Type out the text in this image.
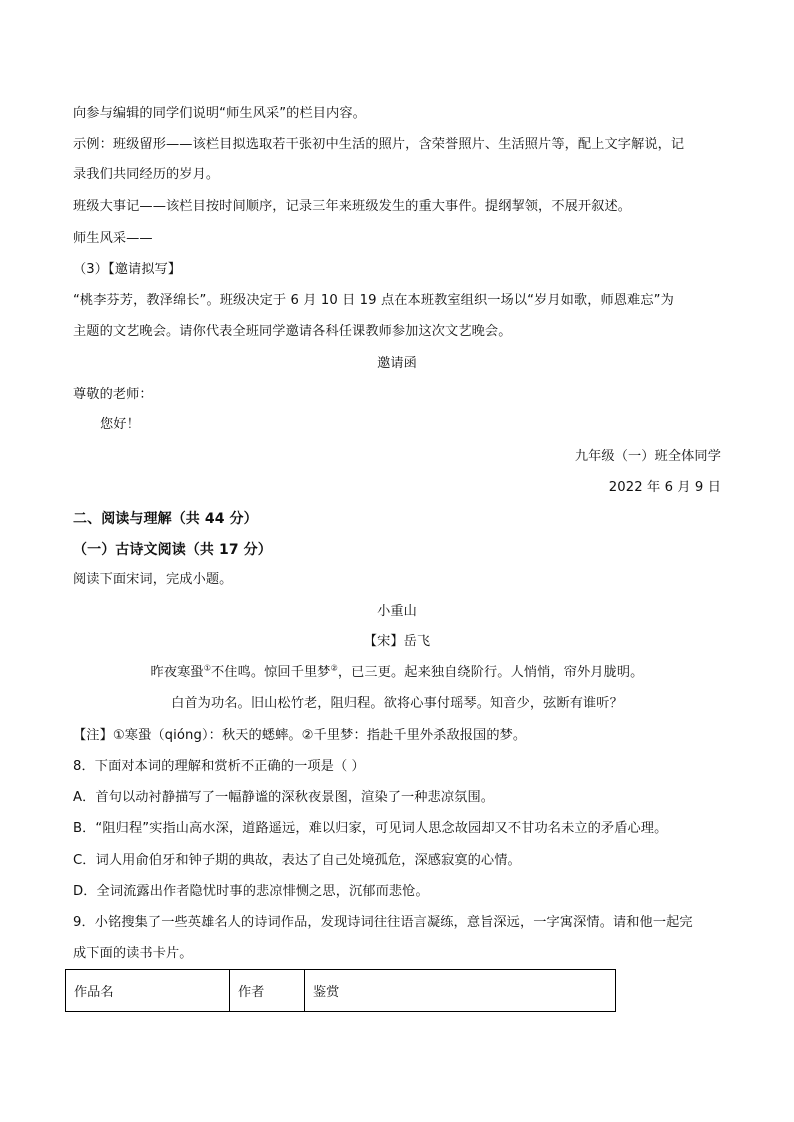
向参与编辑的同学们说明“师生风采”的栏目内容。
示例：班级留形——该栏目拟选取若干张初中生活的照片，含荣誉照片、生活照片等，配上文字解说，记
录我们共同经历的岁月。
班级大事记——该栏目按时间顺序，记录三年来班级发生的重大事件。提纲挈领，不展开叙述。
师生风采——
（3）【邀请拟写】
“桃李芬芳，教泽绵长”。班级决定于 6 月 10 日 19 点在本班教室组织一场以“岁月如歌，师恩难忘”为
主题的文艺晚会。请你代表全班同学邀请各科任课教师参加这次文艺晚会。
邀请函
尊敬的老师：
您好！
九年级（一）班全体同学
2022 年 6 月 9 日
二、阅读与理解（共 44 分）
（一）古诗文阅读（共 17 分）
阅读下面宋词，完成小题。
小重山
【宋】岳飞
昨夜寒蛩①不住鸣。惊回千里梦②，已三更。起来独自绕阶行。人悄悄，帘外月胧明。
白首为功名。旧山松竹老，阻归程。欲将心事付瑶琴。知音少，弦断有谁听？
【注】①寒蛩（qióng）：秋天的蟋蟀。②千里梦：指赴千里外杀敌报国的梦。
8．下面对本词的理解和赏析不正确的一项是（ ）
A．首句以动衬静描写了一幅静谧的深秋夜景图，渲染了一种悲凉氛围。
B．“阻归程”实指山高水深，道路遥远，难以归家，可见词人思念故园却又不甘功名未立的矛盾心理。
C．词人用俞伯牙和钟子期的典故，表达了自己处境孤危，深感寂寞的心情。
D．全词流露出作者隐忧时事的悲凉悱恻之思，沉郁而悲怆。
9．小铭搜集了一些英雄名人的诗词作品，发现诗词往往语言凝练，意旨深远，一字寓深情。请和他一起完
成下面的读书卡片。
作品名	作者	鉴赏
